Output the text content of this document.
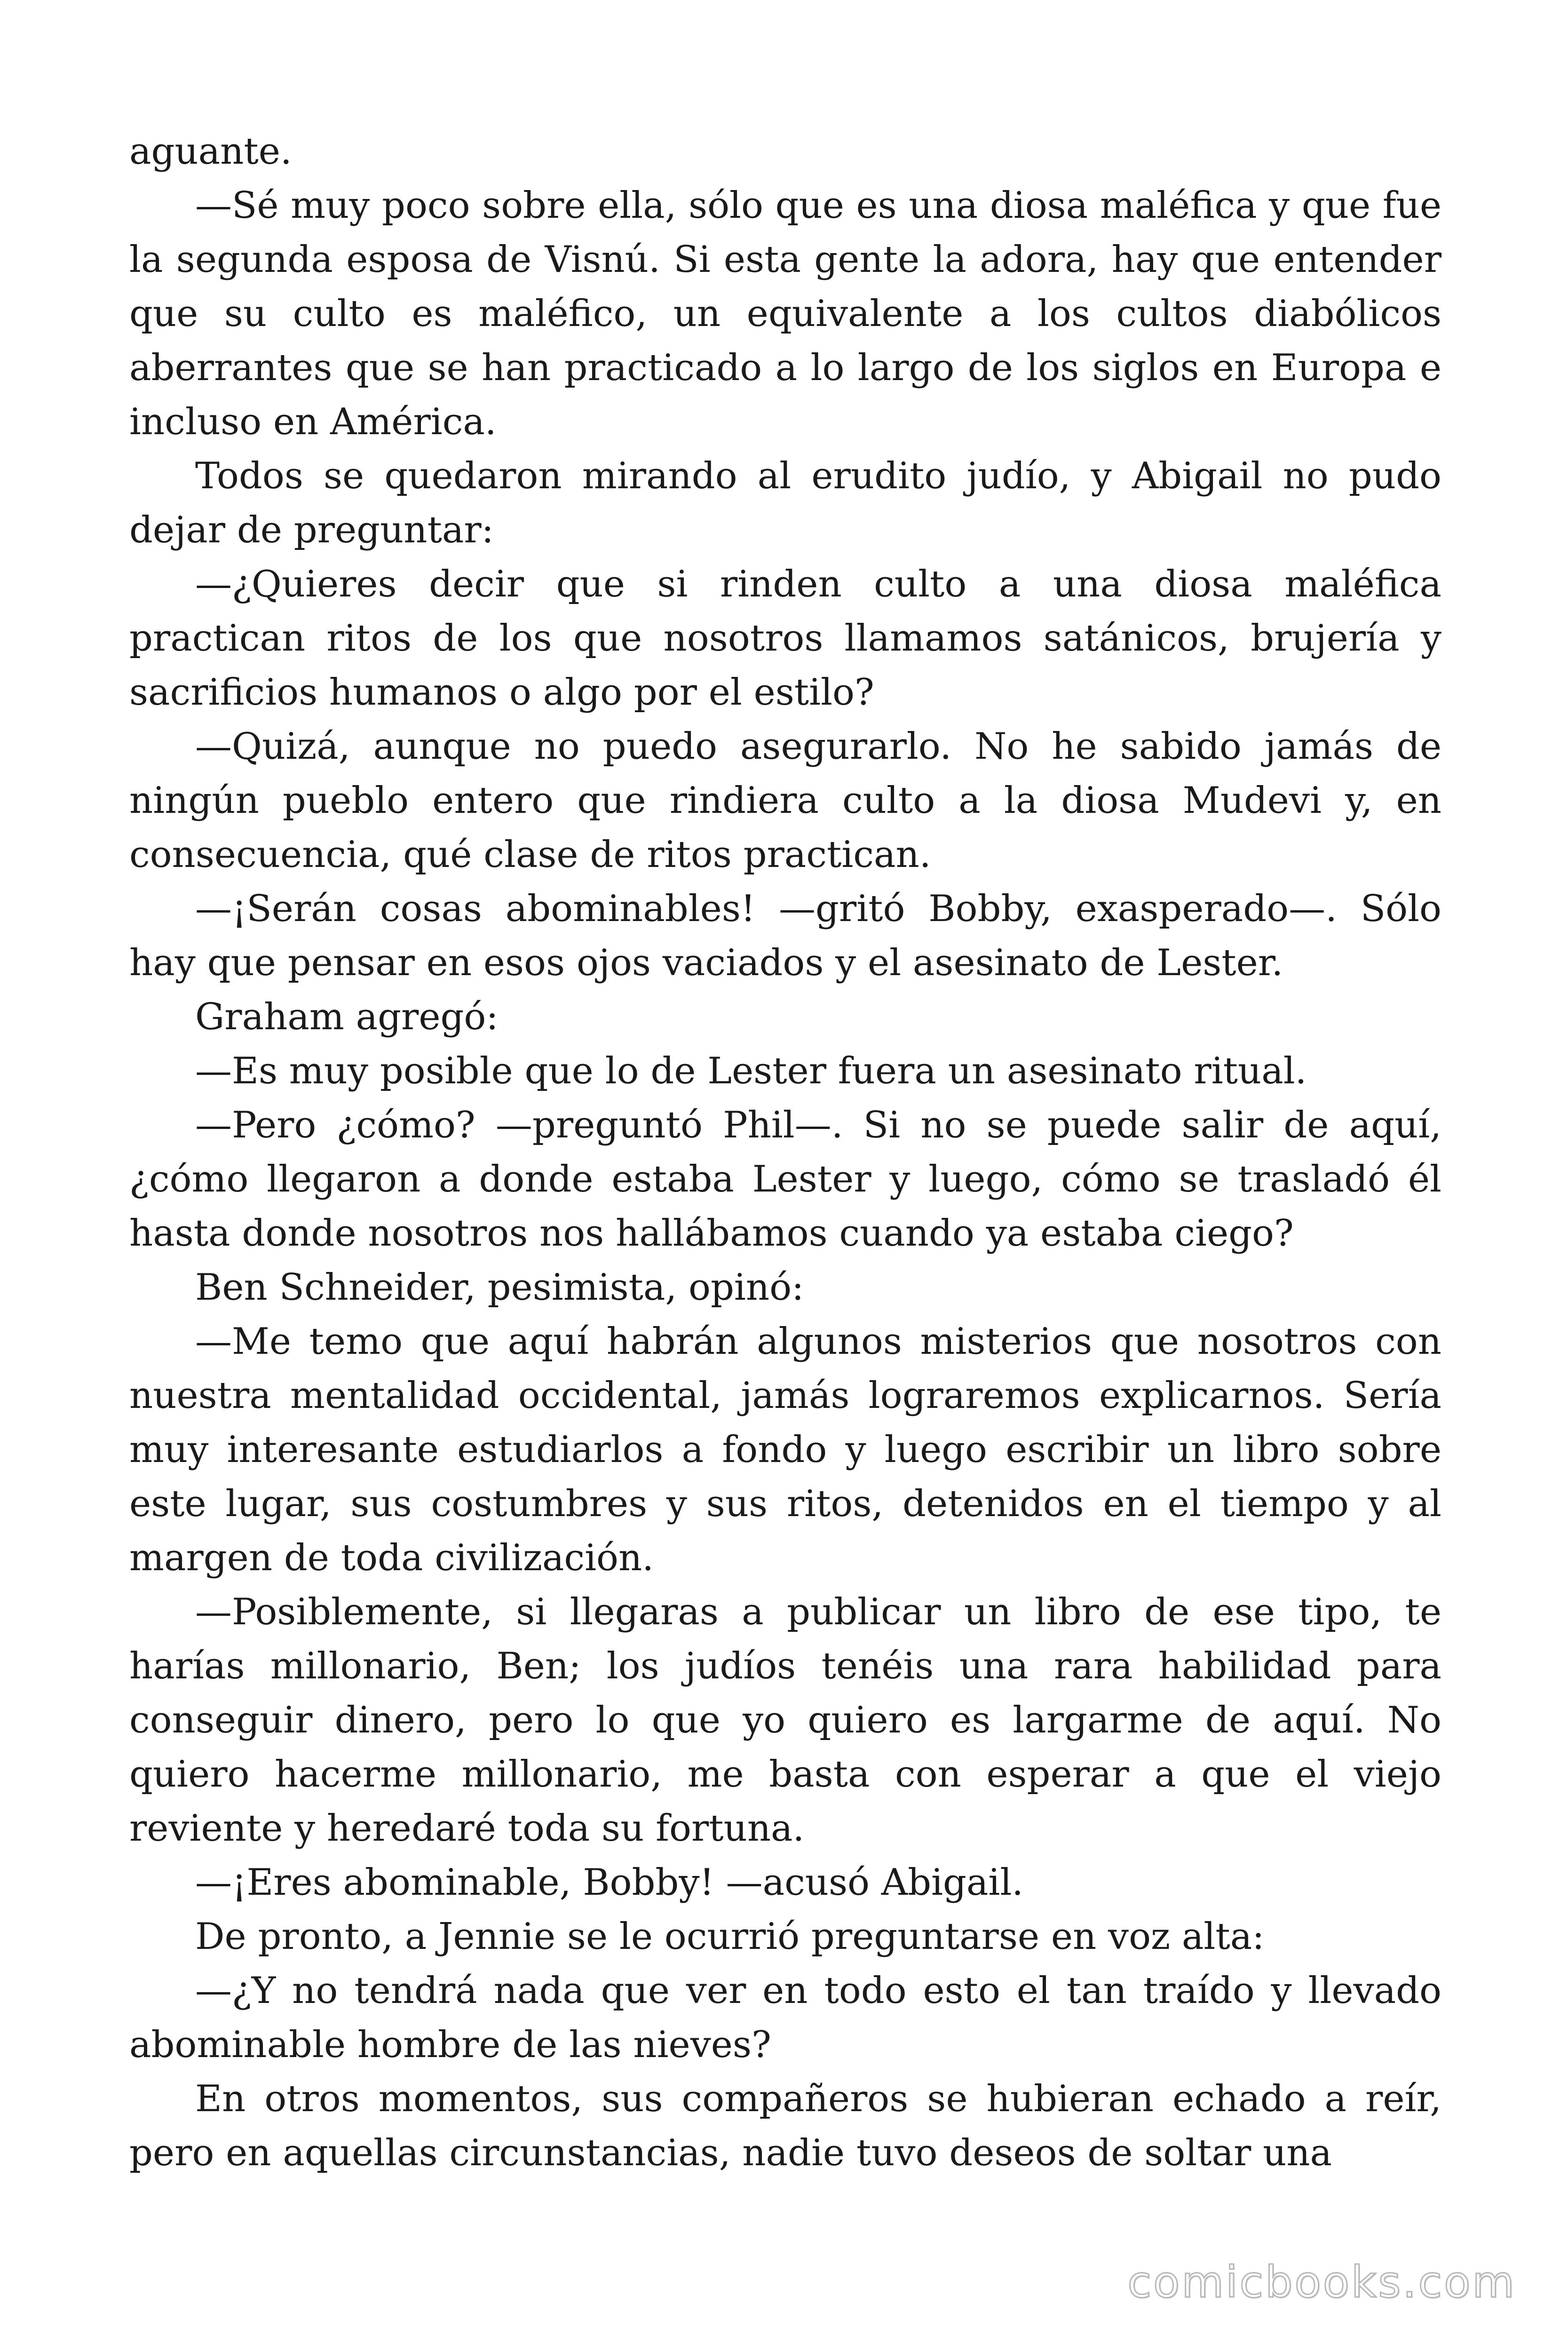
aguante.

—Sé muy poco sobre ella, sólo que es una diosa maléfica y que fue la segunda esposa de Visnú. Si esta gente la adora, hay que entender que su culto es maléfico, un equivalente a los cultos diabólicos aberrantes que se han practicado a lo largo de los siglos en Europa e incluso en América.

Todos se quedaron mirando al erudito judío, y Abigail no pudo dejar de preguntar:

—¿Quieres decir que si rinden culto a una diosa maléfica practican ritos de los que nosotros llamamos satánicos, brujería y sacrificios humanos o algo por el estilo?

—Quizá, aunque no puedo asegurarlo. No he sabido jamás de ningún pueblo entero que rindiera culto a la diosa Mudevi y, en consecuencia, qué clase de ritos practican.

—¡Serán cosas abominables! —gritó Bobby, exasperado—. Sólo hay que pensar en esos ojos vaciados y el asesinato de Lester.

Graham agregó:

—Es muy posible que lo de Lester fuera un asesinato ritual.

—Pero ¿cómo? —preguntó Phil—. Si no se puede salir de aquí, ¿cómo llegaron a donde estaba Lester y luego, cómo se trasladó él hasta donde nosotros nos hallábamos cuando ya estaba ciego?

Ben Schneider, pesimista, opinó:

—Me temo que aquí habrán algunos misterios que nosotros con nuestra mentalidad occidental, jamás lograremos explicarnos. Sería muy interesante estudiarlos a fondo y luego escribir un libro sobre este lugar, sus costumbres y sus ritos, detenidos en el tiempo y al margen de toda civilización.

—Posiblemente, si llegaras a publicar un libro de ese tipo, te harías millonario, Ben; los judíos tenéis una rara habilidad para conseguir dinero, pero lo que yo quiero es largarme de aquí. No quiero hacerme millonario, me basta con esperar a que el viejo reviente y heredaré toda su fortuna.

—¡Eres abominable, Bobby! —acusó Abigail.

De pronto, a Jennie se le ocurrió preguntarse en voz alta:

—¿Y no tendrá nada que ver en todo esto el tan traído y llevado abominable hombre de las nieves?

En otros momentos, sus compañeros se hubieran echado a reír, pero en aquellas circunstancias, nadie tuvo deseos de soltar una

comicbooks.com
